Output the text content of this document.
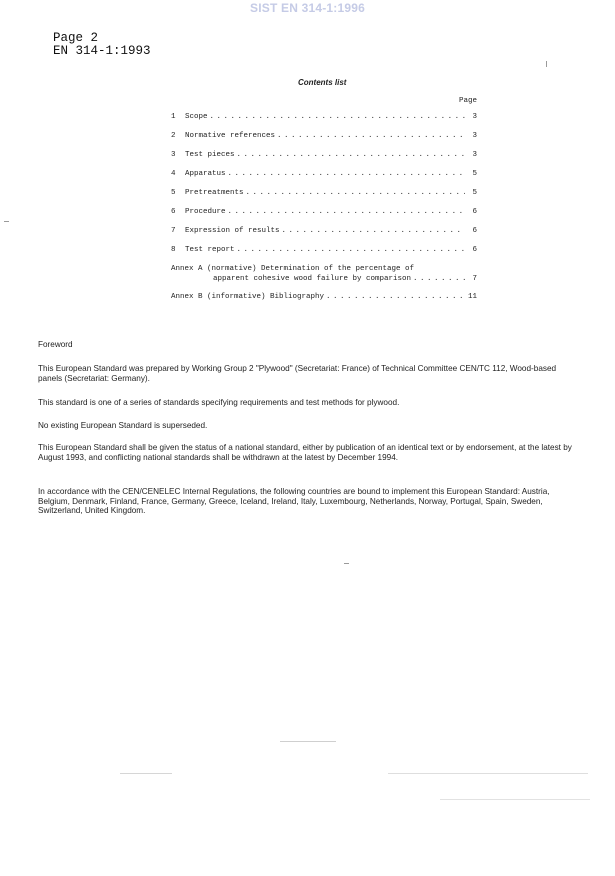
SIST EN 314-1:1996
Page 2
EN 314-1:1993
Contents list
Page
1	Scope . . .	3
2	Normative references . . .	3
3	Test pieces . . .	3
4	Apparatus . . .	5
5	Pretreatments . . .	5
6	Procedure . . .	6
7	Expression of results . . .	6
8	Test report . . .	6
Annex A (normative) Determination of the percentage of
apparent cohesive wood failure by comparison . . .	7
Annex B (informative) Bibliography . . .	11
Foreword
This European Standard was prepared by Working Group 2 "Plywood" (Secretariat: France) of Technical Committee CEN/TC 112, Wood-based panels (Secretariat: Germany).
This standard is one of a series of standards specifying requirements and test methods for plywood.
No existing European Standard is superseded.
This European Standard shall be given the status of a national standard, either by publication of an identical text or by endorsement, at the latest by August 1993, and conflicting national standards shall be withdrawn at the latest by December 1994.
In accordance with the CEN/CENELEC Internal Regulations, the following countries are bound to implement this European Standard: Austria, Belgium, Denmark, Finland, France, Germany, Greece, Iceland, Ireland, Italy, Luxembourg, Netherlands, Norway, Portugal, Spain, Sweden, Switzerland, United Kingdom.
